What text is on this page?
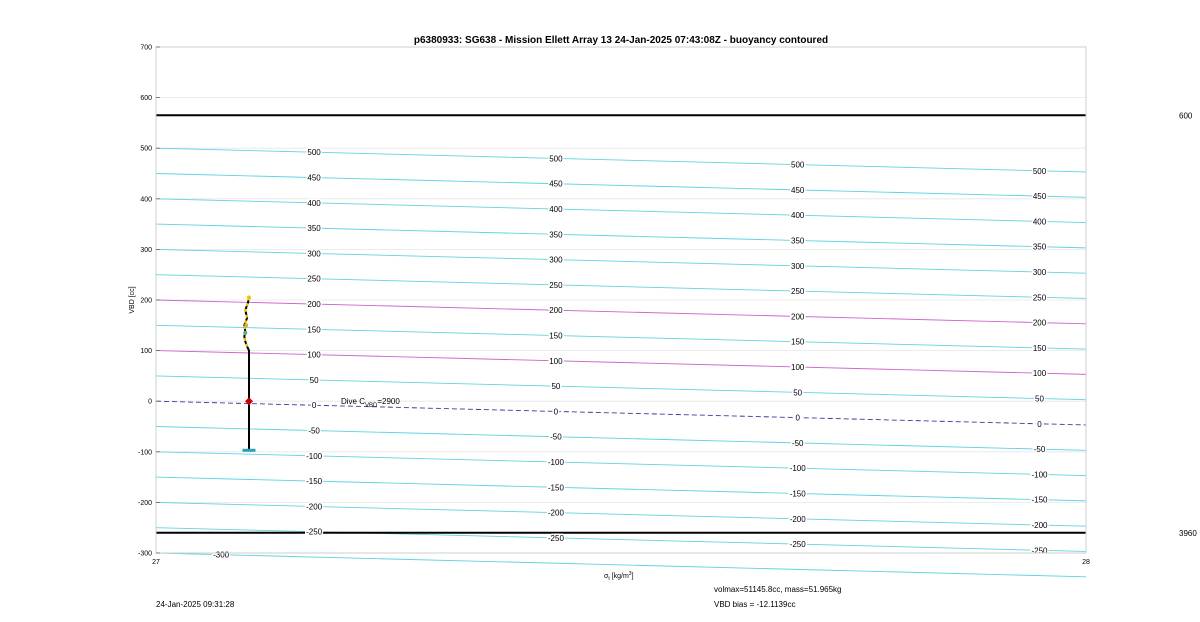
600
3960
500
500
500
500
450
450
450
450
400
400
400
400
350
350
350
350
300
300
300
300
250
250
250
250
200
200
200
200
150
150
150
150
100
100
100
100
50
50
50
50
0
0
0
0
-50
-50
-50
-50
-100
-100
-100
-100
-150
-150
-150
-150
-200
-200
-200
-200
-250
-250
-250
-250
-300
700
600
500
400
300
200
100
0
-100
-200
-300
27	28
p6380933: SG638 - Mission Ellett Array 13 24-Jan-2025 07:43:08Z - buoyancy contoured
VBD [cc]
$\sigma_t$ $[kg/m^3]$
Dive $C_{VBD}=2900$
24-Jan-2025 09:31:28
volmax=51145.8cc, mass=51.965kg
VBD bias = -12.1139cc
